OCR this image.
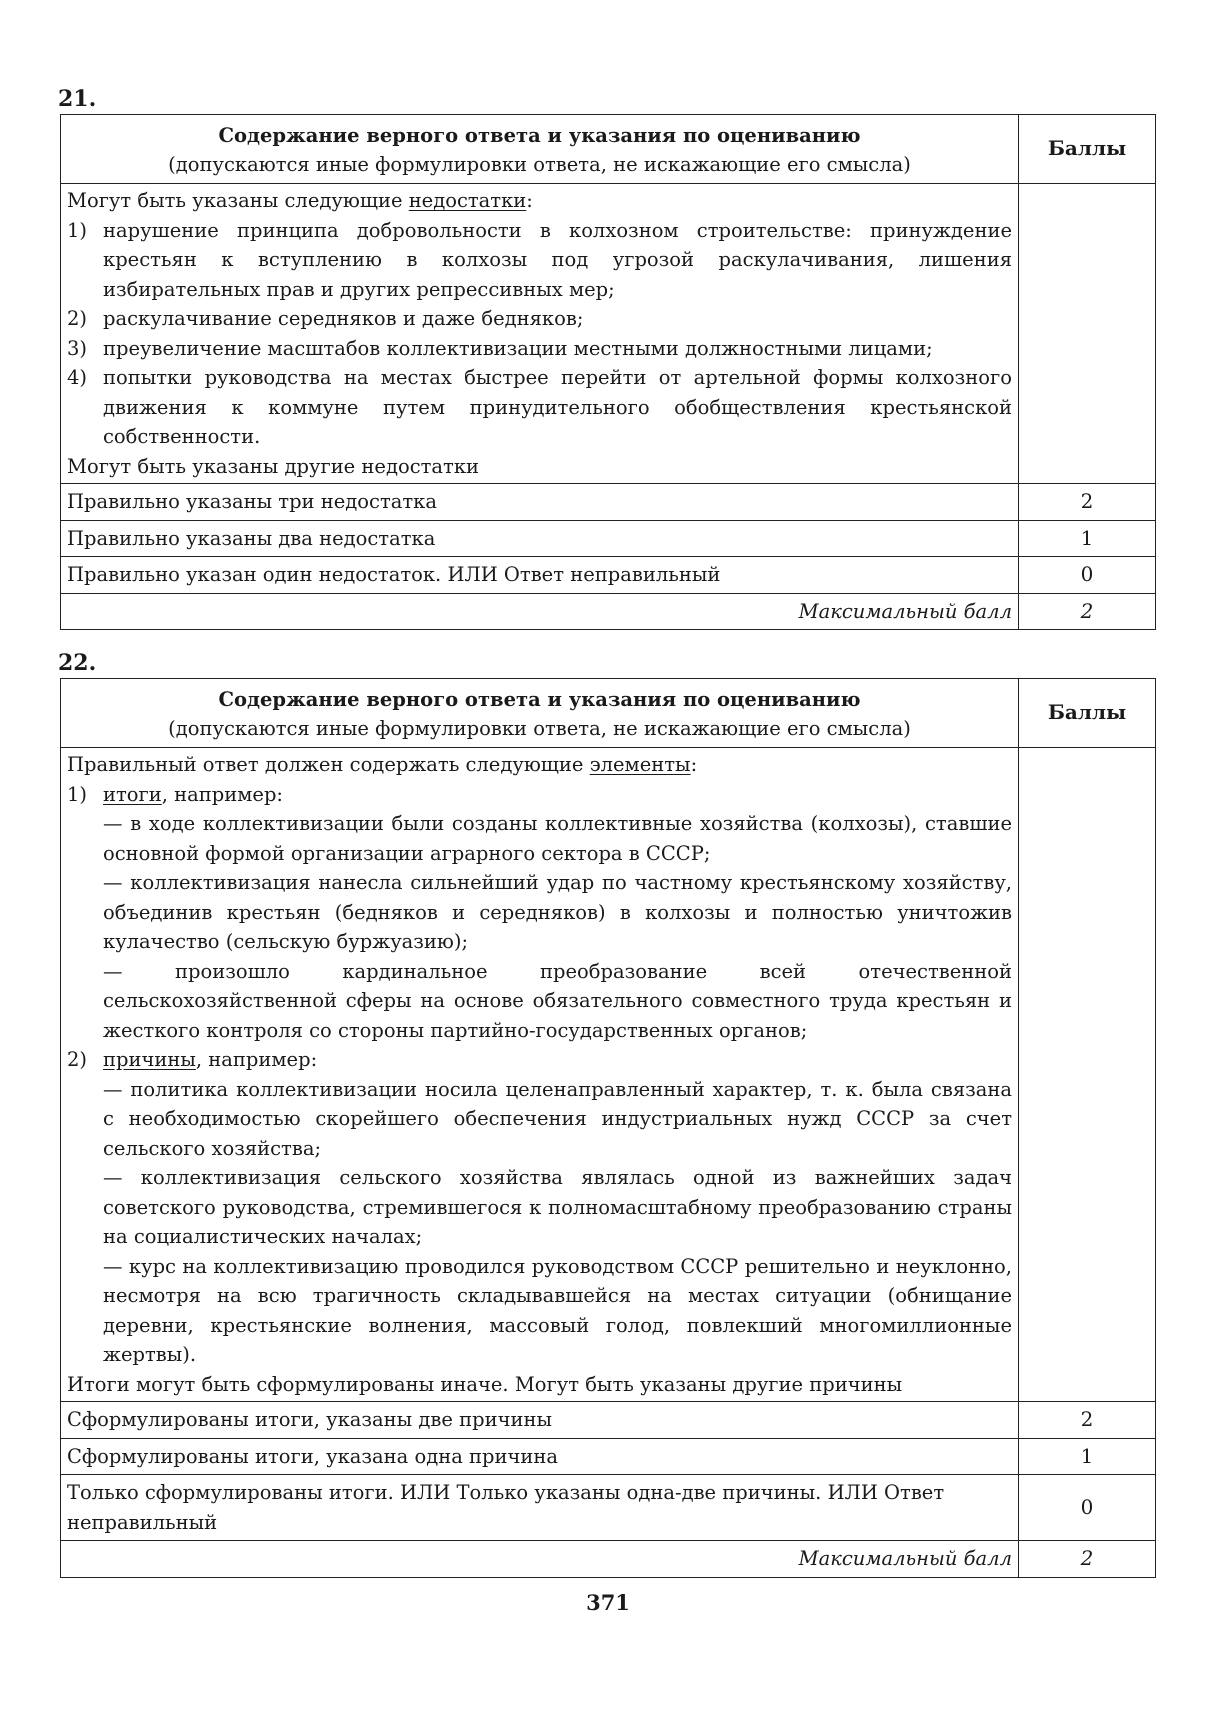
21.
Содержание верного ответа и указания по оцениванию
(допускаются иные формулировки ответа, не искажающие его смысла)	Баллы

Могут быть указаны следующие недостатки:
1) нарушение принципа добровольности в колхозном строительстве: принуждение крестьян к вступлению в колхозы под угрозой раскулачивания, лишения избирательных прав и других репрессивных мер;
2) раскулачивание середняков и даже бедняков;
3) преувеличение масштабов коллективизации местными должностными лицами;
4) попытки руководства на местах быстрее перейти от артельной формы колхозного движения к коммуне путем принудительного обобществления крестьянской собственности.
Могут быть указаны другие недостатки

Правильно указаны три недостатка	2
Правильно указаны два недостатка	1
Правильно указан один недостаток. ИЛИ Ответ неправильный	0
Максимальный балл	2
22.
Содержание верного ответа и указания по оцениванию
(допускаются иные формулировки ответа, не искажающие его смысла)	Баллы

Правильный ответ должен содержать следующие элементы:
1) итоги, например:
— в ходе коллективизации были созданы коллективные хозяйства (колхозы), ставшие основной формой организации аграрного сектора в СССР;
— коллективизация нанесла сильнейший удар по частному крестьянскому хозяйству, объединив крестьян (бедняков и середняков) в колхозы и полностью уничтожив кулачество (сельскую буржуазию);
— произошло кардинальное преобразование всей отечественной сельскохозяйственной сферы на основе обязательного совместного труда крестьян и жесткого контроля со стороны партийно-государственных органов;
2) причины, например:
— политика коллективизации носила целенаправленный характер, т. к. была связана с необходимостью скорейшего обеспечения индустриальных нужд СССР за счет сельского хозяйства;
— коллективизация сельского хозяйства являлась одной из важнейших задач советского руководства, стремившегося к полномасштабному преобразованию страны на социалистических началах;
— курс на коллективизацию проводился руководством СССР решительно и неуклонно, несмотря на всю трагичность складывавшейся на местах ситуации (обнищание деревни, крестьянские волнения, массовый голод, повлекший многомиллионные жертвы).
Итоги могут быть сформулированы иначе. Могут быть указаны другие причины

Сформулированы итоги, указаны две причины	2
Сформулированы итоги, указана одна причина	1
Только сформулированы итоги. ИЛИ Только указаны одна-две причины. ИЛИ Ответ неправильный	0
Максимальный балл	2
371
